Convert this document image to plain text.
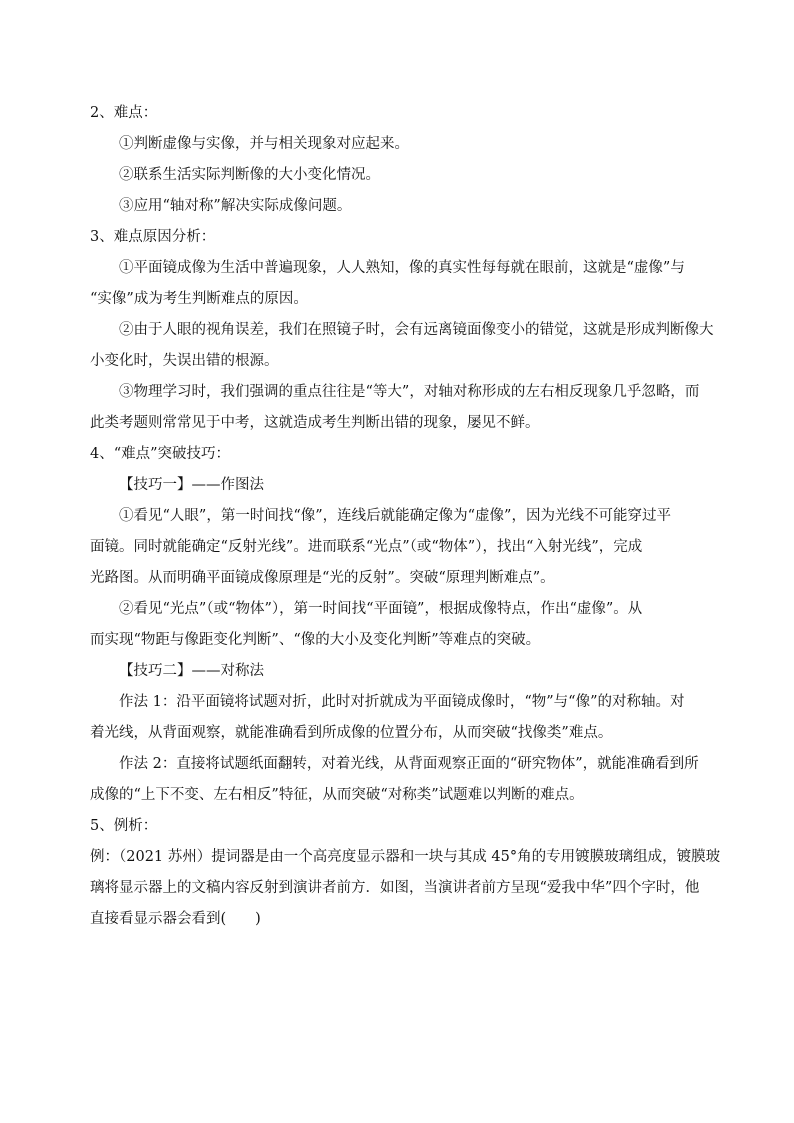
2、难点：
①判断虚像与实像，并与相关现象对应起来。
②联系生活实际判断像的大小变化情况。
③应用“轴对称”解决实际成像问题。
3、难点原因分析：
①平面镜成像为生活中普遍现象，人人熟知，像的真实性每每就在眼前，这就是“虚像”与
“实像”成为考生判断难点的原因。
②由于人眼的视角误差，我们在照镜子时，会有远离镜面像变小的错觉，这就是形成判断像大
小变化时，失误出错的根源。
③物理学习时，我们强调的重点往往是“等大”，对轴对称形成的左右相反现象几乎忽略，而
此类考题则常常见于中考，这就造成考生判断出错的现象，屡见不鲜。
4、“难点”突破技巧：
【技巧一】——作图法
①看见“人眼”，第一时间找“像”，连线后就能确定像为“虚像”，因为光线不可能穿过平
面镜。同时就能确定“反射光线”。进而联系“光点”（或“物体”），找出“入射光线”，完成
光路图。从而明确平面镜成像原理是“光的反射”。突破“原理判断难点”。
②看见“光点”（或“物体”），第一时间找“平面镜”，根据成像特点，作出“虚像”。从
而实现“物距与像距变化判断”、“像的大小及变化判断”等难点的突破。
【技巧二】——对称法
作法 1：沿平面镜将试题对折，此时对折就成为平面镜成像时，“物”与“像”的对称轴。对
着光线，从背面观察，就能准确看到所成像的位置分布，从而突破“找像类”难点。
作法 2：直接将试题纸面翻转，对着光线，从背面观察正面的“研究物体”，就能准确看到所
成像的“上下不变、左右相反”特征，从而突破“对称类”试题难以判断的难点。
5、例析：
例：（2021 苏州）提词器是由一个高亮度显示器和一块与其成 45°角的专用镀膜玻璃组成，镀膜玻
璃将显示器上的文稿内容反射到演讲者前方．如图，当演讲者前方呈现“爱我中华”四个字时，他
直接看显示器会看到(　　)
